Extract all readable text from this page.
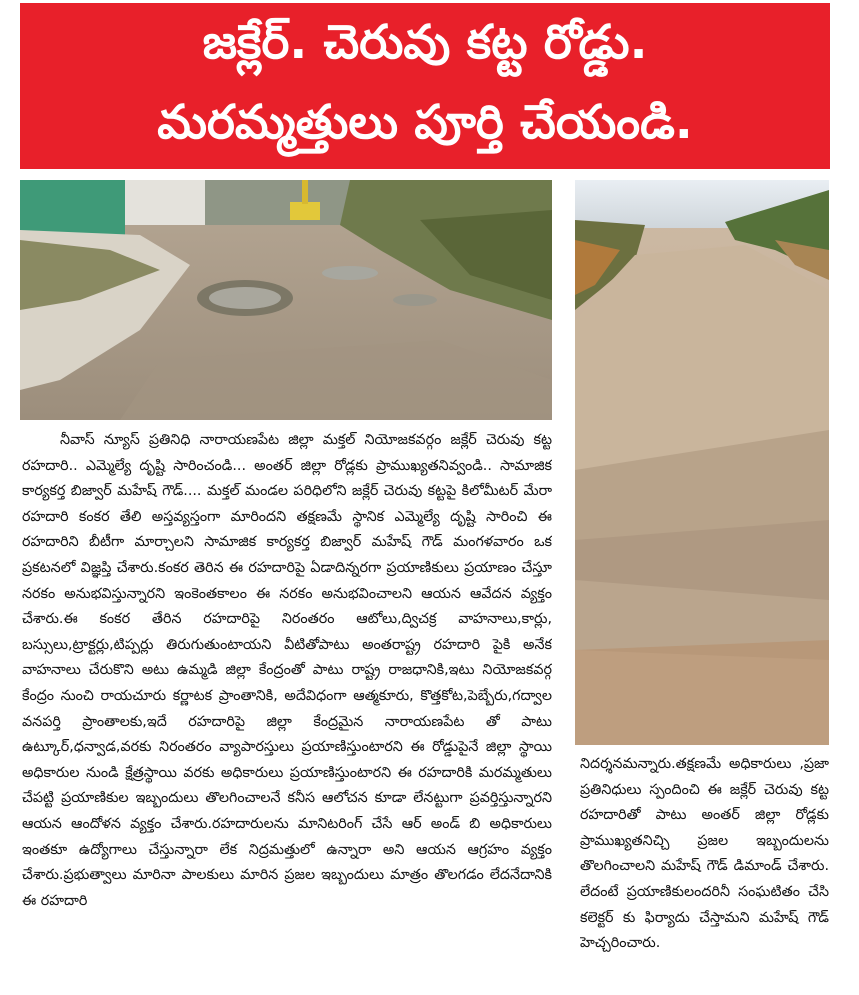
జక్లేర్. చెరువు కట్ట రోడ్డు.
మరమ్మత్తులు పూర్తి చేయండి.

నీవాస్ న్యూస్ ప్రతినిధి నారాయణపేట జిల్లా మక్తల్ నియోజకవర్గం జక్లేర్ చెరువు కట్ట రహదారి.. ఎమ్మెల్యే దృష్టి సారించండి... అంతర్ జిల్లా రోడ్లకు ప్రాముఖ్యతనివ్వండి.. సామాజిక కార్యకర్త బిజ్వార్ మహేష్ గౌడ్.... మక్తల్ మండల పరిధిలోని జక్లేర్ చెరువు కట్టపై కిలోమీటర్ మేరా రహదారి కంకర తేలి అస్తవ్యస్తంగా మారిందని తక్షణమే స్థానిక ఎమ్మెల్యే దృష్టి సారించి ఈ రహదారిని బీటీగా మార్చాలని సామాజిక కార్యకర్త బిజ్వార్ మహేష్ గౌడ్ మంగళవారం ఒక ప్రకటనలో విజ్ఞప్తి చేశారు.కంకర తెరిన ఈ రహదారిపై ఏడాదిన్నరగా ప్రయాణికులు ప్రయాణం చేస్తూ నరకం అనుభవిస్తున్నారని ఇంకెంతకాలం ఈ నరకం అనుభవించాలని ఆయన ఆవేదన వ్యక్తం చేశారు.ఈ కంకర తేరిన రహదారిపై నిరంతరం ఆటోలు,ద్విచక్ర వాహనాలు,కార్లు, బస్సులు,ట్రాక్టర్లు,టిప్పర్లు తిరుగుతుంటాయని వీటితోపాటు అంతరాష్ట్ర రహదారి పైకి అనేక వాహనాలు చేరుకొని అటు ఉమ్మడి జిల్లా కేంద్రంతో పాటు రాష్ట్ర రాజధానికి,ఇటు నియోజకవర్గ కేంద్రం నుంచి రాయచూరు కర్ణాటక ప్రాంతానికి, అదేవిధంగా ఆత్మకూరు, కొత్తకోట,పెబ్బేరు,గద్వాల వనపర్తి ప్రాంతాలకు,ఇదే రహదారిపై జిల్లా కేంద్రమైన నారాయణపేట తో పాటు ఉట్కూర్,ధన్వాడ,వరకు నిరంతరం వ్యాపారస్తులు ప్రయాణిస్తుంటారని ఈ రోడ్డుపైనే జిల్లా స్థాయి అధికారుల నుండి క్షేత్రస్థాయి వరకు అధికారులు ప్రయాణిస్తుంటారని ఈ రహదారికి మరమ్మతులు చేపట్టి ప్రయాణికుల ఇబ్బందులు తొలగించాలనే కనీస ఆలోచన కూడా లేనట్టుగా ప్రవర్తిస్తున్నారని ఆయన ఆందోళన వ్యక్తం చేశారు.రహదారులను మానిటరింగ్ చేసే ఆర్ అండ్ బి అధికారులు ఇంతకూ ఉద్యోగాలు చేస్తున్నారా లేక నిద్రమత్తులో ఉన్నారా అని ఆయన ఆగ్రహం వ్యక్తం చేశారు.ప్రభుత్వాలు మారినా పాలకులు మారిన ప్రజల ఇబ్బందులు మాత్రం తొలగడం లేదనేదానికి ఈ రహదారి

నిదర్శనమన్నారు.తక్షణమే అధికారులు ,ప్రజా ప్రతినిధులు స్పందించి ఈ జక్లేర్ చెరువు కట్ట రహదారితో పాటు అంతర్ జిల్లా రోడ్లకు ప్రాముఖ్యతనిచ్చి ప్రజల ఇబ్బందులను తొలగించాలని మహేష్ గౌడ్ డిమాండ్ చేశారు. లేదంటే ప్రయాణికులందరినీ సంఘటితం చేసి కలెక్టర్ కు ఫిర్యాదు చేస్తామని మహేష్ గౌడ్ హెచ్చరించారు.
